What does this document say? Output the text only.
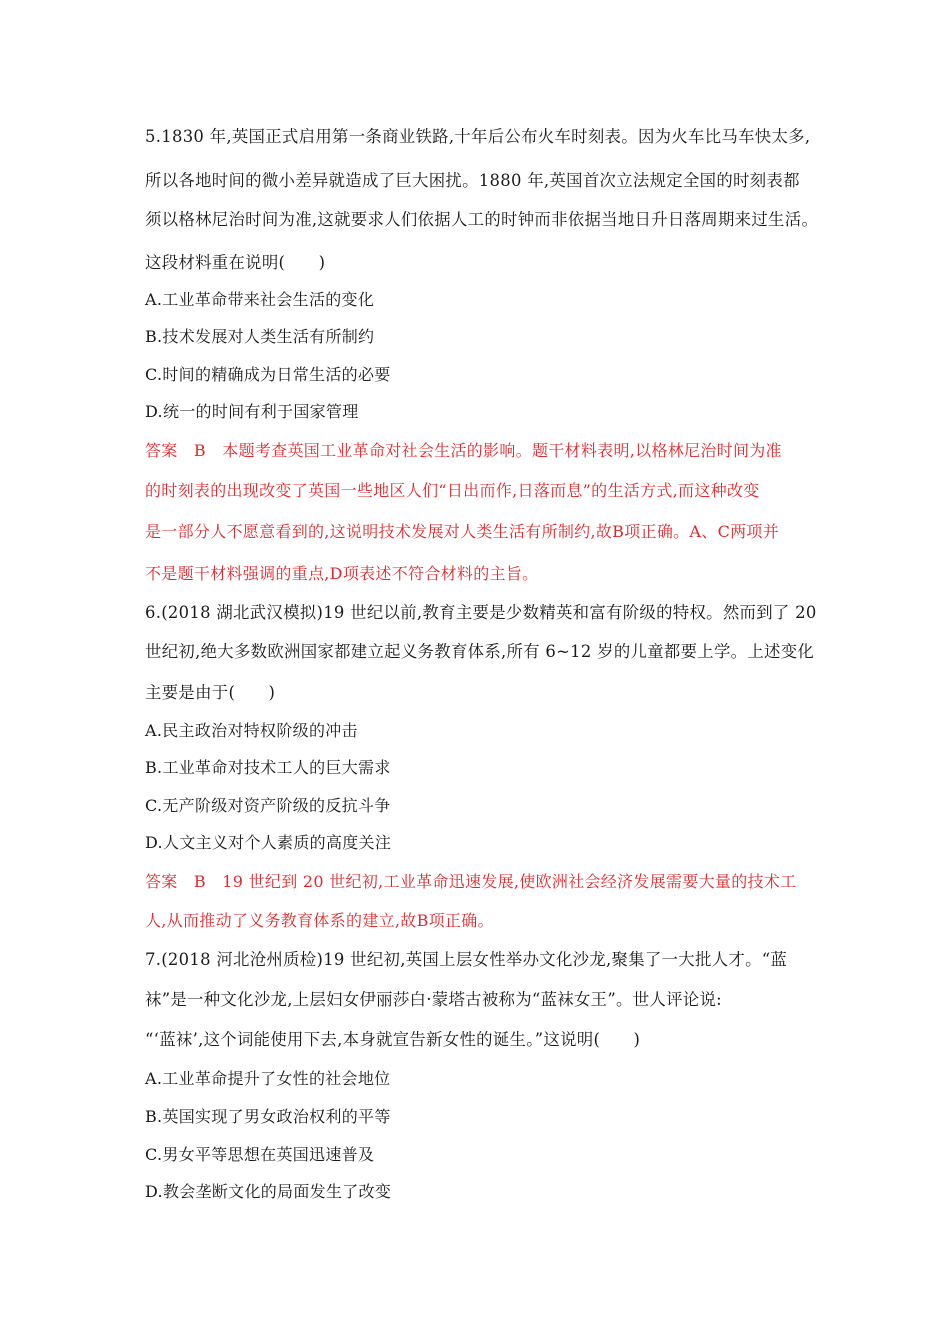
5.1830 年,英国正式启用第一条商业铁路,十年后公布火车时刻表。因为火车比马车快太多,
所以各地时间的微小差异就造成了巨大困扰。1880 年,英国首次立法规定全国的时刻表都
须以格林尼治时间为准,这就要求人们依据人工的时钟而非依据当地日升日落周期来过生活。
这段材料重在说明(　　)
A.工业革命带来社会生活的变化
B.技术发展对人类生活有所制约
C.时间的精确成为日常生活的必要
D.统一的时间有利于国家管理
答案　B　本题考查英国工业革命对社会生活的影响。题干材料表明,以格林尼治时间为准
的时刻表的出现改变了英国一些地区人们“日出而作,日落而息”的生活方式,而这种改变
是一部分人不愿意看到的,这说明技术发展对人类生活有所制约,故B项正确。A、C两项并
不是题干材料强调的重点,D项表述不符合材料的主旨。
6.(2018 湖北武汉模拟)19 世纪以前,教育主要是少数精英和富有阶级的特权。然而到了 20
世纪初,绝大多数欧洲国家都建立起义务教育体系,所有 6~12 岁的儿童都要上学。上述变化
主要是由于(　　)
A.民主政治对特权阶级的冲击
B.工业革命对技术工人的巨大需求
C.无产阶级对资产阶级的反抗斗争
D.人文主义对个人素质的高度关注
答案　B　19 世纪到 20 世纪初,工业革命迅速发展,使欧洲社会经济发展需要大量的技术工
人,从而推动了义务教育体系的建立,故B项正确。
7.(2018 河北沧州质检)19 世纪初,英国上层女性举办文化沙龙,聚集了一大批人才。“蓝
袜”是一种文化沙龙,上层妇女伊丽莎白·蒙塔古被称为“蓝袜女王”。世人评论说:
“‘蓝袜’,这个词能使用下去,本身就宣告新女性的诞生。”这说明(　　)
A.工业革命提升了女性的社会地位
B.英国实现了男女政治权利的平等
C.男女平等思想在英国迅速普及
D.教会垄断文化的局面发生了改变
